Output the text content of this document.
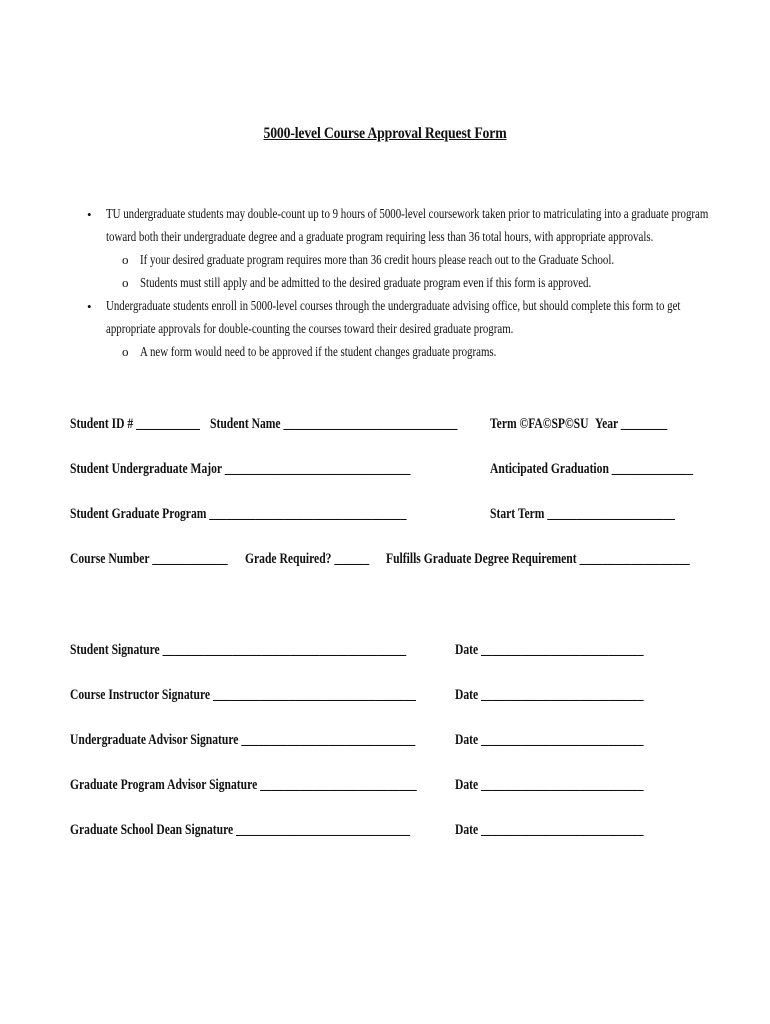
5000-level Course Approval Request Form
• TU undergraduate students may double-count up to 9 hours of 5000-level coursework taken prior to matriculating into a graduate program
toward both their undergraduate degree and a graduate program requiring less than 36 total hours, with appropriate approvals.
o If your desired graduate program requires more than 36 credit hours please reach out to the Graduate School.
o Students must still apply and be admitted to the desired graduate program even if this form is approved.
• Undergraduate students enroll in 5000-level courses through the undergraduate advising office, but should complete this form to get
appropriate approvals for double-counting the courses toward their desired graduate program.
o A new form would need to be approved if the student changes graduate programs.
Student ID # ___________ Student Name ______________________________ Term ©FA©SP©SU Year ________
Student Undergraduate Major ________________________________	Anticipated Graduation ______________
Student Graduate Program __________________________________	Start Term ______________________
Course Number _____________ Grade Required? ______ Fulfills Graduate Degree Requirement ___________________
Student Signature __________________________________________	Date ____________________________
Course Instructor Signature ___________________________________	Date ____________________________
Undergraduate Advisor Signature ______________________________	Date ____________________________
Graduate Program Advisor Signature ___________________________	Date ____________________________
Graduate School Dean Signature ______________________________	Date ____________________________
